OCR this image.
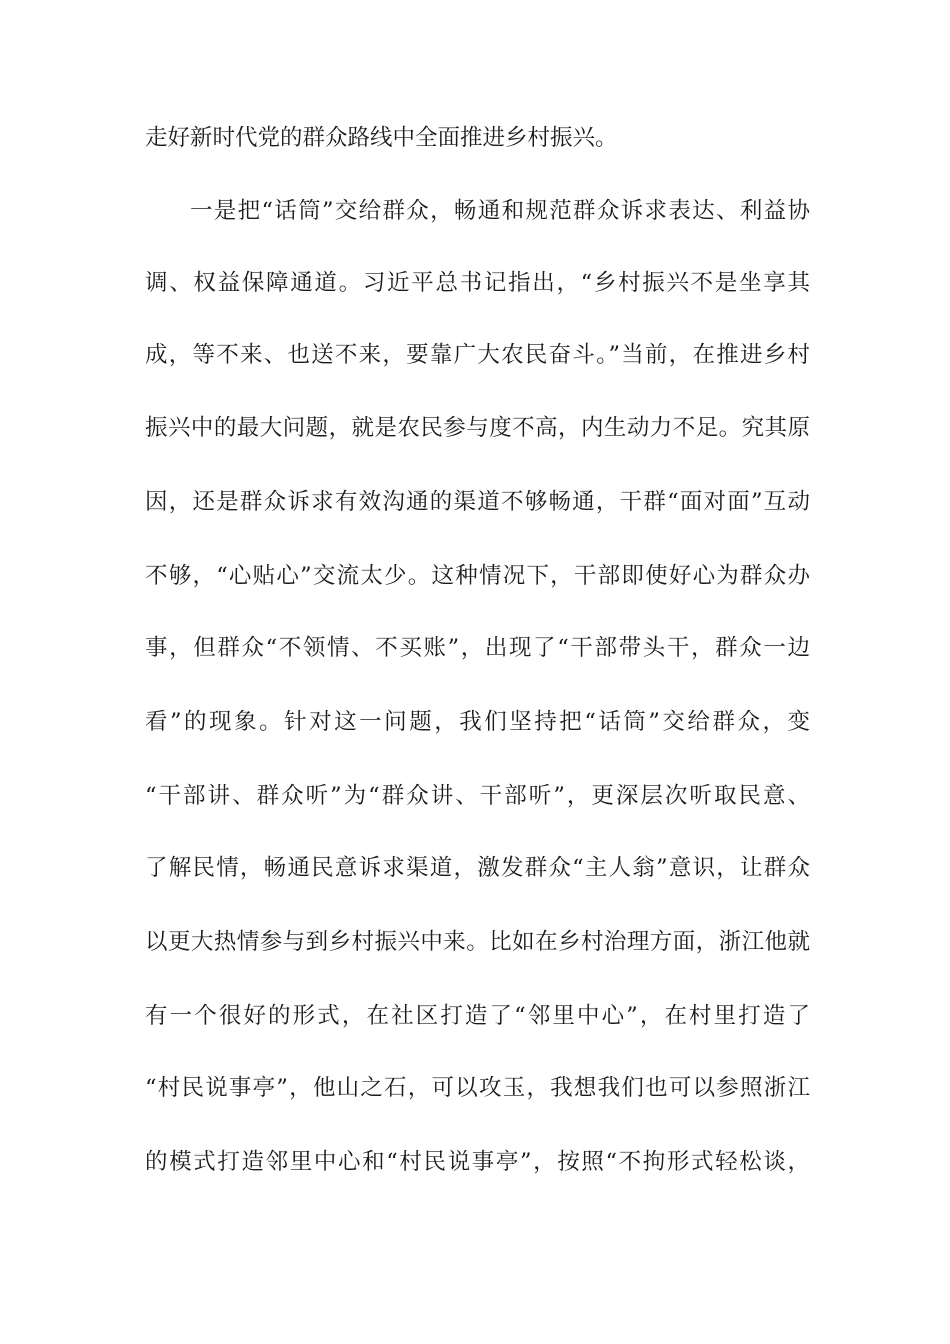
走好新时代党的群众路线中全面推进乡村振兴。
一是把“话筒”交给群众，畅通和规范群众诉求表达、利益协
调、权益保障通道。习近平总书记指出，“乡村振兴不是坐享其
成，等不来、也送不来，要靠广大农民奋斗。”当前，在推进乡村
振兴中的最大问题，就是农民参与度不高，内生动力不足。究其原
因，还是群众诉求有效沟通的渠道不够畅通，干群“面对面”互动
不够，“心贴心”交流太少。这种情况下，干部即使好心为群众办
事，但群众“不领情、不买账”，出现了“干部带头干，群众一边
看”的现象。针对这一问题，我们坚持把“话筒”交给群众，变
“干部讲、群众听”为“群众讲、干部听”，更深层次听取民意、
了解民情，畅通民意诉求渠道，激发群众“主人翁”意识，让群众
以更大热情参与到乡村振兴中来。比如在乡村治理方面，浙江他就
有一个很好的形式，在社区打造了“邻里中心”，在村里打造了
“村民说事亭”，他山之石，可以攻玉，我想我们也可以参照浙江
的模式打造邻里中心和“村民说事亭”，按照“不拘形式轻松谈，
